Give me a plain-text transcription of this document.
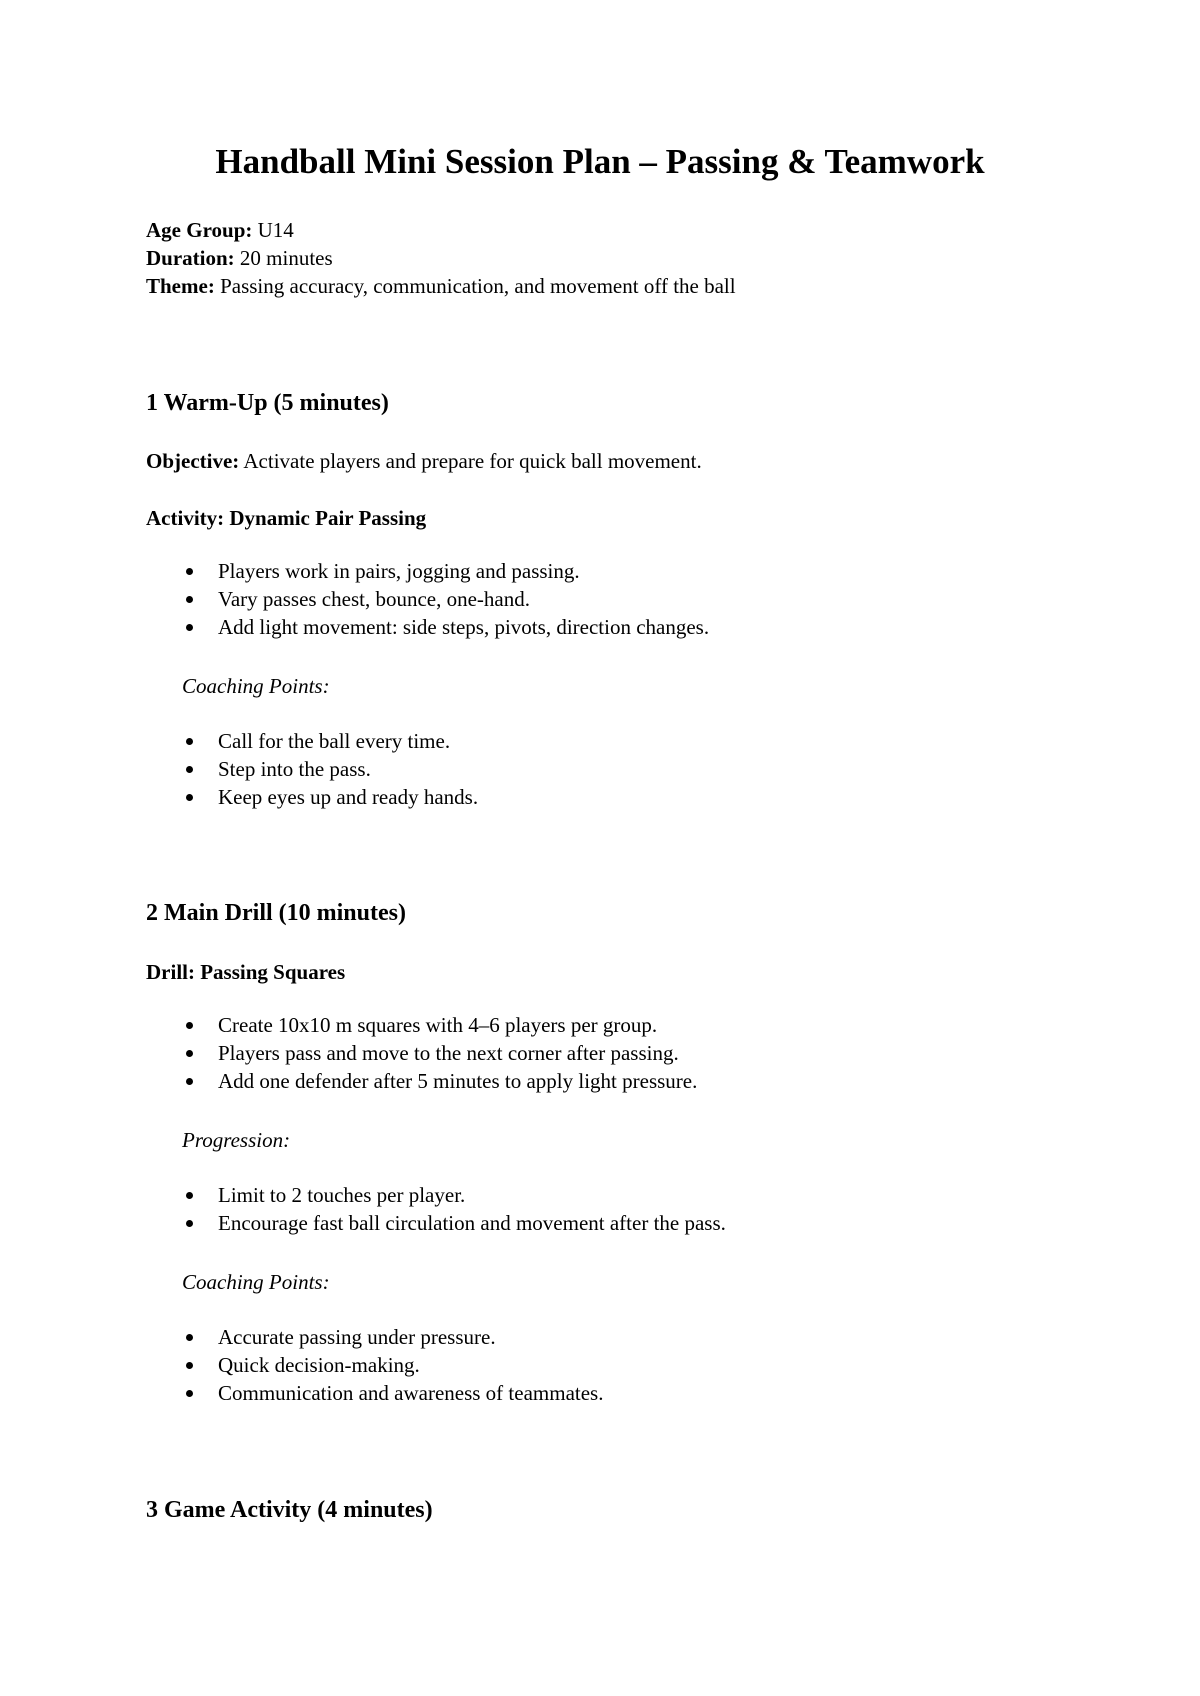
Handball Mini Session Plan – Passing & Teamwork
Age Group: U14
Duration: 20 minutes
Theme: Passing accuracy, communication, and movement off the ball
1 Warm-Up (5 minutes)
Objective: Activate players and prepare for quick ball movement.
Activity: Dynamic Pair Passing
Players work in pairs, jogging and passing.
Vary passes chest, bounce, one-hand.
Add light movement: side steps, pivots, direction changes.
Coaching Points:
Call for the ball every time.
Step into the pass.
Keep eyes up and ready hands.
2 Main Drill (10 minutes)
Drill: Passing Squares
Create 10x10 m squares with 4–6 players per group.
Players pass and move to the next corner after passing.
Add one defender after 5 minutes to apply light pressure.
Progression:
Limit to 2 touches per player.
Encourage fast ball circulation and movement after the pass.
Coaching Points:
Accurate passing under pressure.
Quick decision-making.
Communication and awareness of teammates.
3 Game Activity (4 minutes)
